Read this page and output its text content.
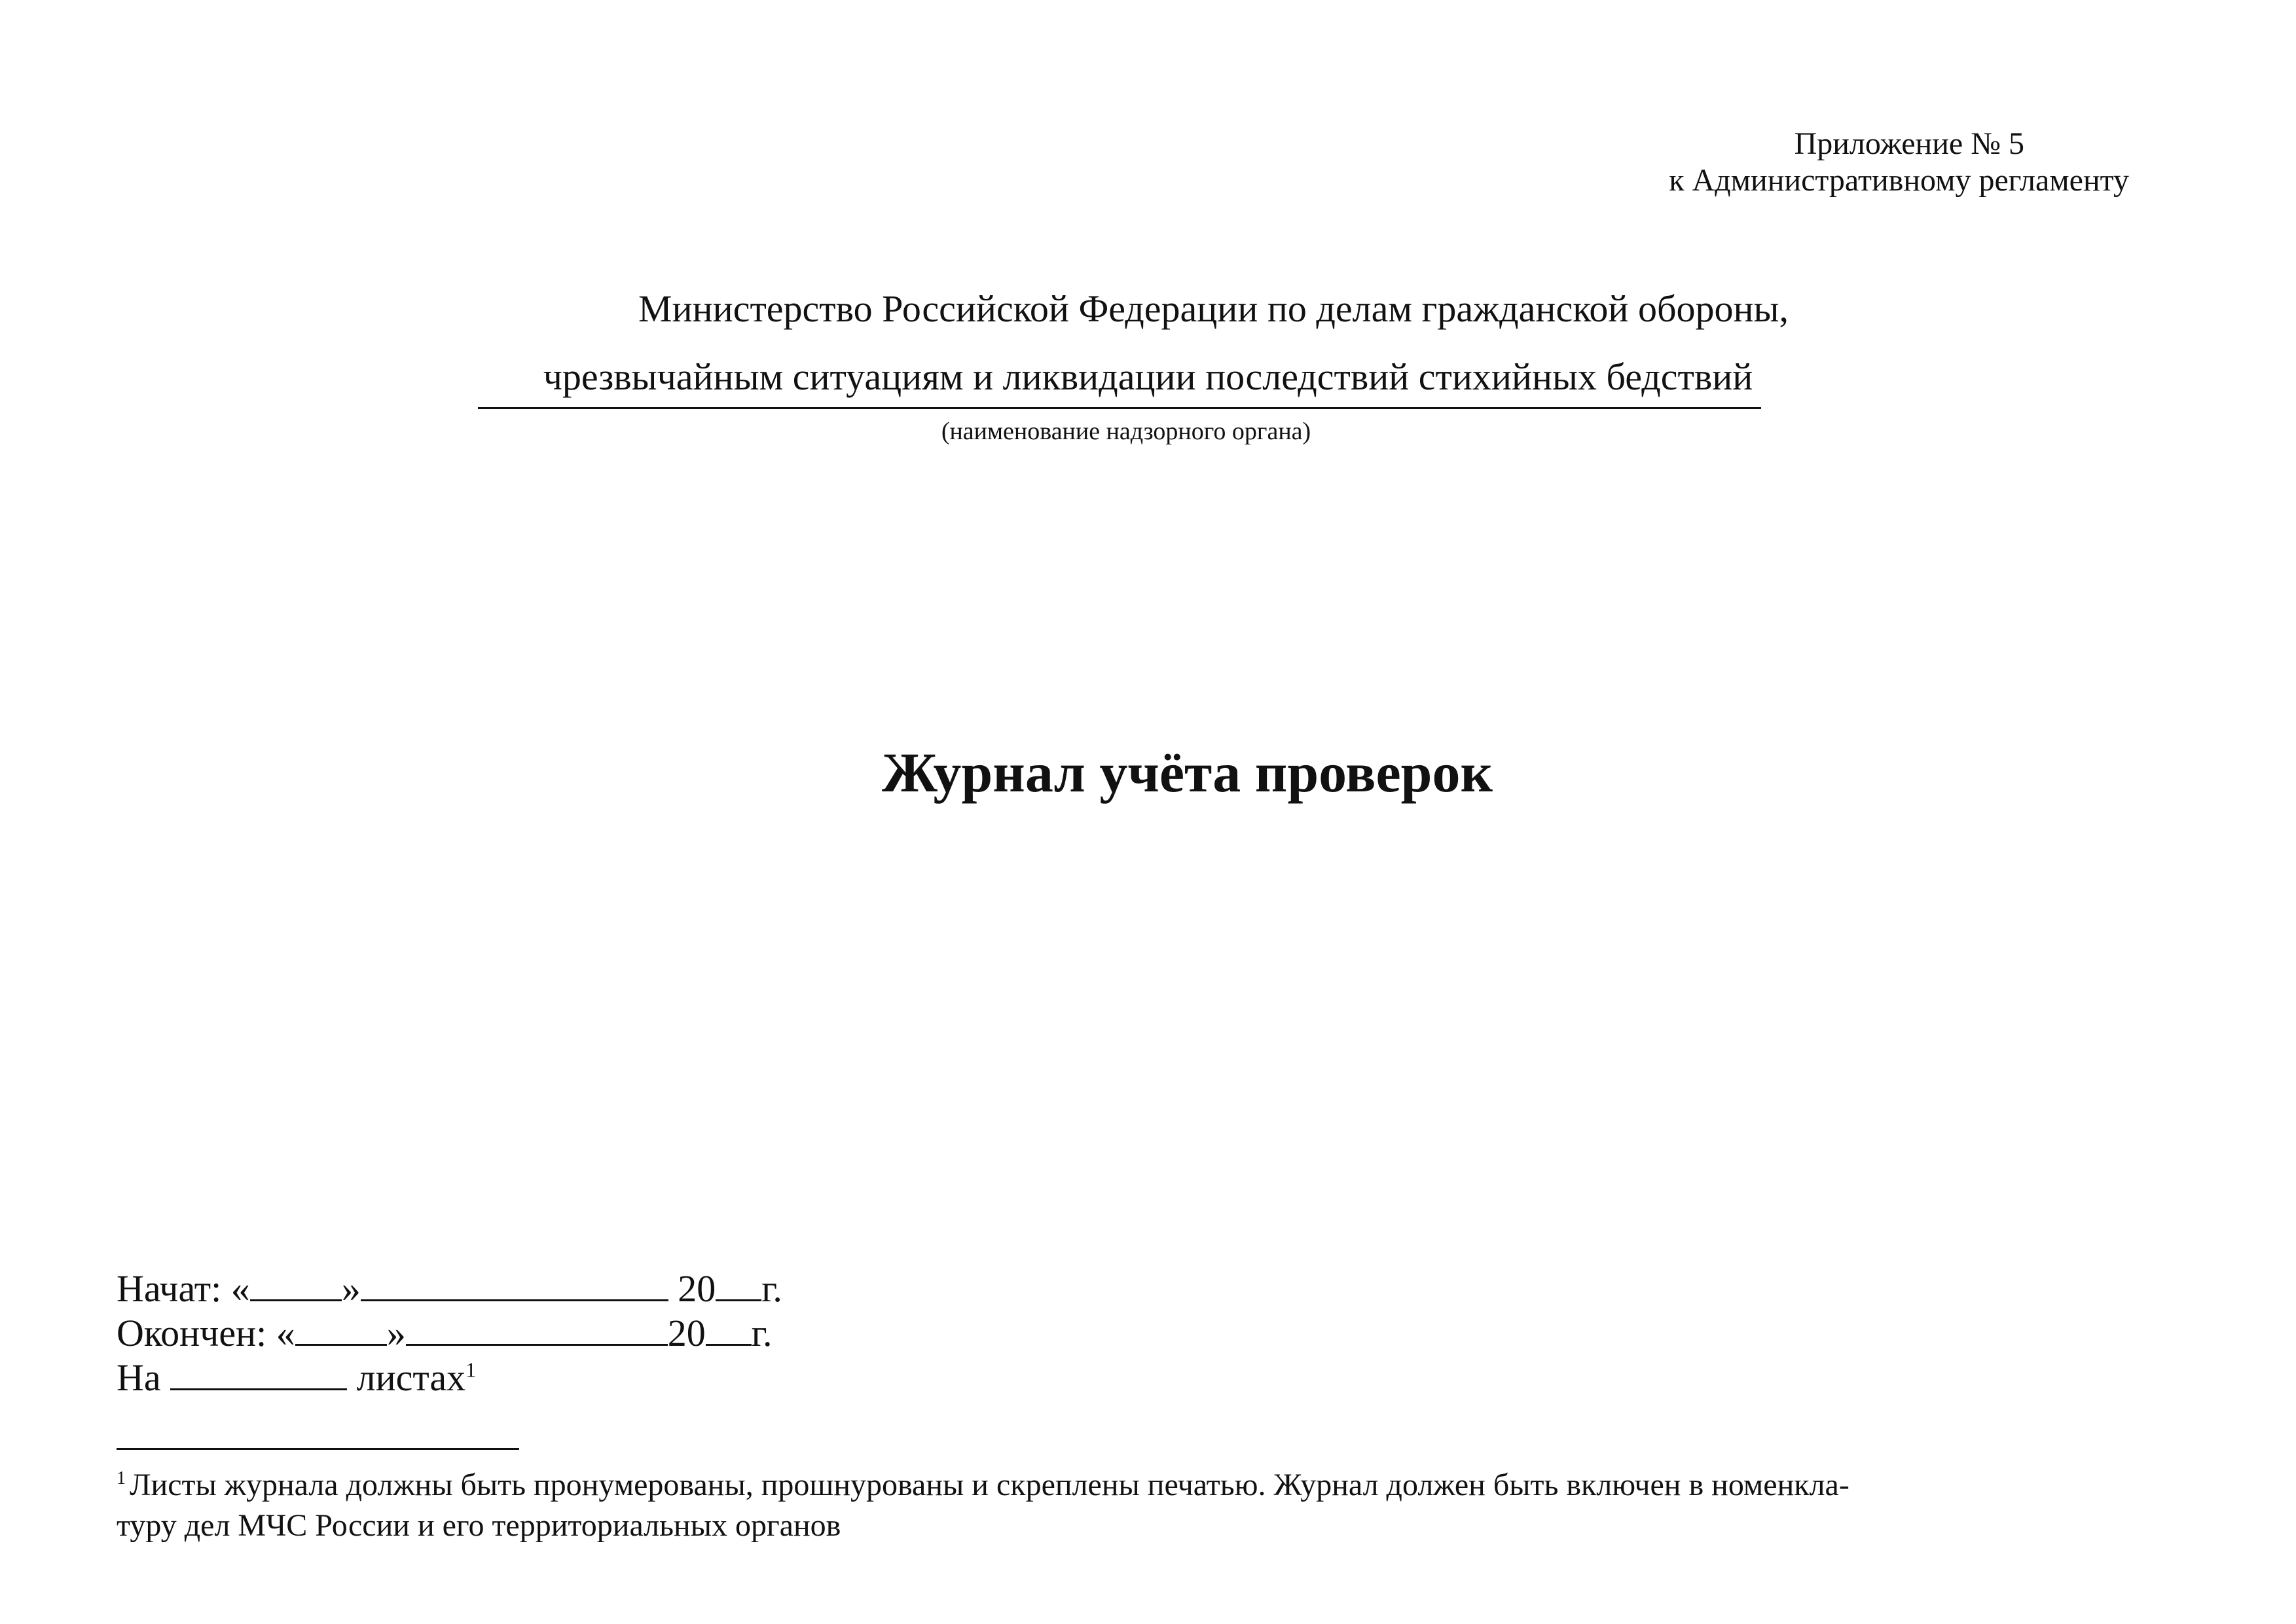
Приложение № 5
к Административному регламенту
Министерство Российской Федерации по делам гражданской обороны,
чрезвычайным ситуациям и ликвидации последствий стихийных бедствий
(наименование надзорного органа)
Журнал учёта проверок
Начат: « »	20 г.
Окончен: « »	20 г.
На	листах$^1$
$^1$ Листы журнала должны быть пронумерованы, прошнурованы и скреплены печатью. Журнал должен быть включен в номенкла-
туру дел МЧС России и его территориальных органов
